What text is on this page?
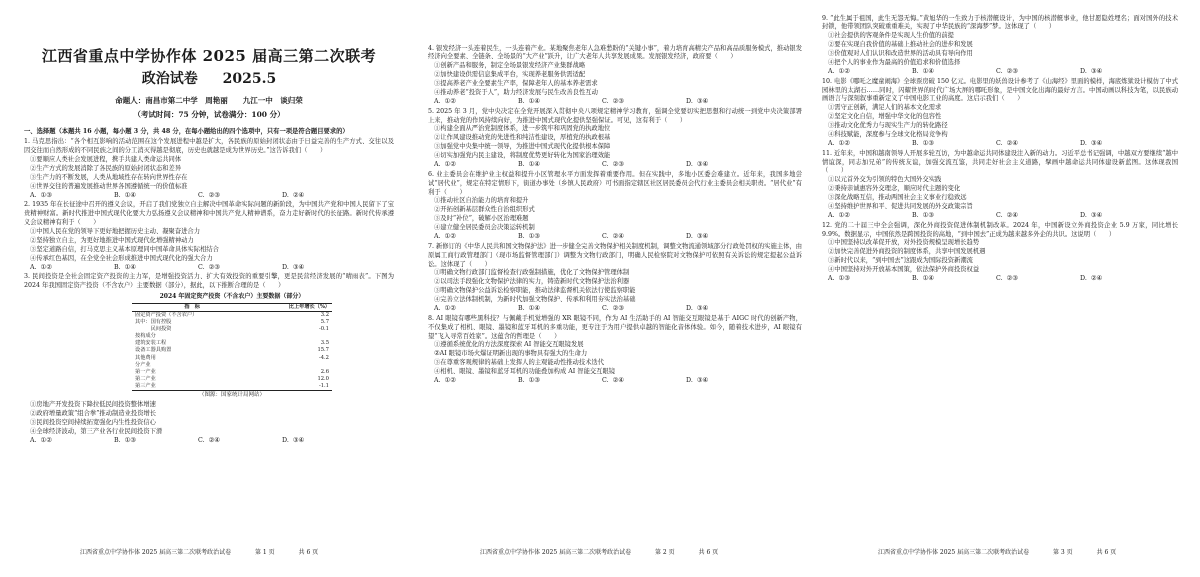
江西省重点中学协作体 2025 届高三第二次联考
政治试卷 2025.5
命题人：南昌市第二中学　周艳丽　　九江一中　谈归荣
（考试时间：75 分钟，试卷满分：100 分）

一、选择题（本题共 16 小题，每小题 3 分，共 48 分，在每小题给出的四个选项中，只有一项是符合题目要求的）

1. 马克思指出：“各个相互影响的活动范围在这个发展进程中越是扩大，各民族的原始封闭状态由于日益完善的生产方式、交往以及因交往而自然形成的不同民族之间的分工消灭得越是彻底，历史也就越是成为世界历史。”这告诉我们（　　）

①要顺应人类社会发展进程，携手共建人类命运共同体

②生产方式的发展消除了各民族的原始封闭状态和差异

③生产力的不断发展，人类从地域性存在转向世界性存在

④世界交往的普遍发展推动世界各国遵循统一的价值标准

A. ①③	B. ①④	C. ②③	D. ②④

2. 1935 年在长征途中召开的遵义会议，开启了我们党独立自主解决中国革命实际问题的新阶段，为中国共产党和中国人民留下了宝贵精神财富。新时代推进中国式现代化要大力弘扬遵义会议精神和中国共产党人精神谱系，奋力走好新时代的长征路。新时代传承遵义会议精神有利于（　　）

①中国人民在党的领导下更好地把握历史主动、凝聚奋进合力

②坚持独立自主，为更好地推进中国式现代化增强精神动力

③坚定道路自信，打马克思主义基本原理同中国革命具体实际相结合

④传承红色基因，在全党全社会形成推进中国式现代化的强大合力

A. ①②	B. ①④	C. ②③	D. ③④

3. 民间投资是全社会固定资产投资的主力军，是增强投资活力、扩大有效投资的重要引擎，更是民营经济发展的“晴雨表”。下图为 2024 年我国固定资产投资（不含农户）主要数据（部分），据此，以下推断合理的是（　　）

2024 年固定资产投资（不含农户）主要数据（部分）
指　标	比上年增长（%）
固定资产投资（不含农户）	3.2
其中：国有控股	5.7
　　　民间投资	-0.1
按构成分	
建筑安装工程	3.5
设备工器具购置	15.7
其他费用	-4.2
分产业	
第一产业	2.6
第二产业	12.0
第三产业	-1.1
（图源：国家统计局网站）

①房地产开发投资下降拉低民间投资整体增速

②政府增量政策“组合拳”推动制造业投资增长

③民间投资空间持续拓宽强化内生性投资信心

④全球经济波动，第三产业各行业民间投资下滑

A. ①②	B. ①③	C. ②④	D. ③④

4. 银发经济一头连着民生，一头连着产业。某地聚焦老年人急难愁盼的“关键小事”，着力培育高精尖产品和高品质服务模式，推动银发经济向全要素、全链条、全场景的“大产业”跃升，让广大老年人共享发展成果。发展银发经济，政府要（　　）

①创新产品和服务，制定全场景银发经济产业集群战略

②加快建设供需信息集成平台，实现养老服务供需适配

③提高养老产业全要素生产率，保障老年人的基本养老需求

④推动养老“投资于人”，助力经济发展与民生改善良性互动

A. ①②	B. ①④	C. ②③	D. ③④

5. 2025 年 3 月，党中央决定在全党开展深入贯彻中央八项规定精神学习教育，强调全党要切实把思想和行动统一到党中央决策部署上来，推动党的作风持续向好，为推进中国式现代化提供坚强保证。可见，这有利于（　　）

①构建全面从严治党制度体系，进一步筑牢和巩固党的执政地位

②让作风建设推动党的先进性和纯洁性建设，厚植党的执政根基

③加强党中央集中统一领导，为推进中国式现代化提供根本保障

④切实加强党内民主建设，将制度优势更好转化为国家治理效能

A. ①②	B. ①④	C. ②③	D. ③④

6. 业主委员会在维护业主权益和提升小区管理水平方面发挥着重要作用。但在实践中，多地小区委会难建立。近年来，我国多地尝试“居代业”，规定在特定情形下，街道办事处（乡镇人民政府）可书面指定辖区社区居民委员会代行业主委员会相关职责。“居代业”有利于（　　）

①推动社区自治能力的培育和提升

②开拓创新基层群众性自治组织形式

③及时“补位”，破解小区治理难题

④建立健全居民委员会决策运转机制

A. ①②	B. ①③	C. ②④	D. ③④

7. 新修订的《中华人民共和国文物保护法》进一步健全完善文物保护相关制度机制，调整文物流通领域部分行政处罚权的实施主体，由原属工商行政管理部门（现市场监督管理部门）调整为文物行政部门，明确人民检察院对文物保护可依照有关诉讼的规定提起公益诉讼。这体现了（　　）

①明确文物行政部门监督检查行政强制措施，优化了文物保护管理体制

②以司法手段强化文物保护法律的实力，铸造新时代文物保护法治利器

③明确文物保护公益诉讼检察职能，推动法律监督机关依法行使监察职能

④完善立法体制机制，为新时代加强文物保护、传承和利用夯实法治基础

A. ①②	B. ①④	C. ②③	D. ③④

8. AI 眼镜有哪些黑科技？与佩戴手机觉增强的 XR 眼镜不同，作为 AI 生活助手的 AI 智能交互眼镜是基于 AIGC 时代的创新产物，不仅集成了相机、眼镜、墨镜和蓝牙耳机的多重功能，更专注于为用户提供卓越的智能化音体体验。如今，随着技术进步，AI 眼镜有望“飞入寻常百姓家”。这蕴含的哲理是（　　）

①遵循系统优化的方法深度探索 AI 智能交互眼镜发展

②AI 眼镜市场火爆证明新出现的事物具有强大的生命力

③在尊重客观规律的基础上发挥人的主观能动性推动技术迭代

④相机、眼镜、墨镜和蓝牙耳机的功能叠加构成 AI 智能交互眼镜

A. ①②	B. ①③	C. ②④	D. ③④

9. “此生属于祖国，此生无怨无悔。”黄旭华的一生致力于核潜艇设计，为中国的核潜艇事业，他甘愿隐姓埋名；面对国外的技术封锁，他带领团队突破重重难关，实现了中华民族的“深海梦”梦。这体现了（　　）

①社会提供的客观条件是实现人生价值的前提

②要在实现自我价值的基础上推动社会的进步和发展

③价值观对人们认识和改造世界的活动具有导向作用

④把个人的事业作为最高的价值追求和价值选择

A. ①②	B. ①④	C. ②③	D. ③④

10. 电影《哪吒之魔童闹海》全球票房破 150 亿元。电影里的妖兽设计参考了《山海经》里面的模样，海底炼狱设计模仿了中式园林里的太湖石……同时，闪耀世界的时代广场大屏的哪吒形象，是中国文化出海的最好方言。中国动画以科技为笔，以民族动画语言与深刻叙事重新定义了中国电影工业的高度。这启示我们（　　）

①需守正创新，满足人们的基本文化需求

②坚定文化自信，增强中华文化的包容性

③推动文化优秀力与现实生产力的转化路径

④科技赋能，深度参与全球文化格局竞争构

A. ①②	B. ①③	C. ②④	D. ③④

11. 近年来，中国和越南领导人开展多轮互访，为中越命运共同体建设注入新的动力。习近平总书记强调，中越双方要继续“越中情谊深，同志加兄弟”的传统友谊，加强交流互鉴，共同走好社会主义道路，擘画中越命运共同体建设新蓝图。这体现我国（　　）

①以元首外交为引领的特色大国外交实践

②秉持亲诚惠容外交理念，顺应时代主题的变化

③深化战略互信，推动两国社会主义事业行稳致远

④坚持维护世界和平、促进共同发展的外交政策宗旨

A. ①②	B. ①③	C. ②④	D. ③④

12. 党的二十届三中全会强调，深化外商投资促进体制机制改革。2024 年，中国新设立外商投资企业 5.9 万家，同比增长 9.9%。数据显示，中国依然是跨国投资的高地，“到中国去”正成为越来越多外企的共识。这说明（　　）

①中国坚持以改革促开放，对外投资规模呈现增长趋势

②加快完善促进外商投资的制度体系，共享中国发展机遇

③新时代以来，“到中国去”这跟成为国际投资新潮流

④中国坚持对外开放基本国策，依法保护外商投资权益

A. ①③	B. ①④	C. ②③	D. ②④

江西省重点中学协作体 2025 届高三第二次联考政治试卷	第 1 页	共 6 页	江西省重点中学协作体 2025 届高三第二次联考政治试卷	第 2 页	共 6 页	江西省重点中学协作体 2025 届高三第二次联考政治试卷	第 3 页	共 6 页
